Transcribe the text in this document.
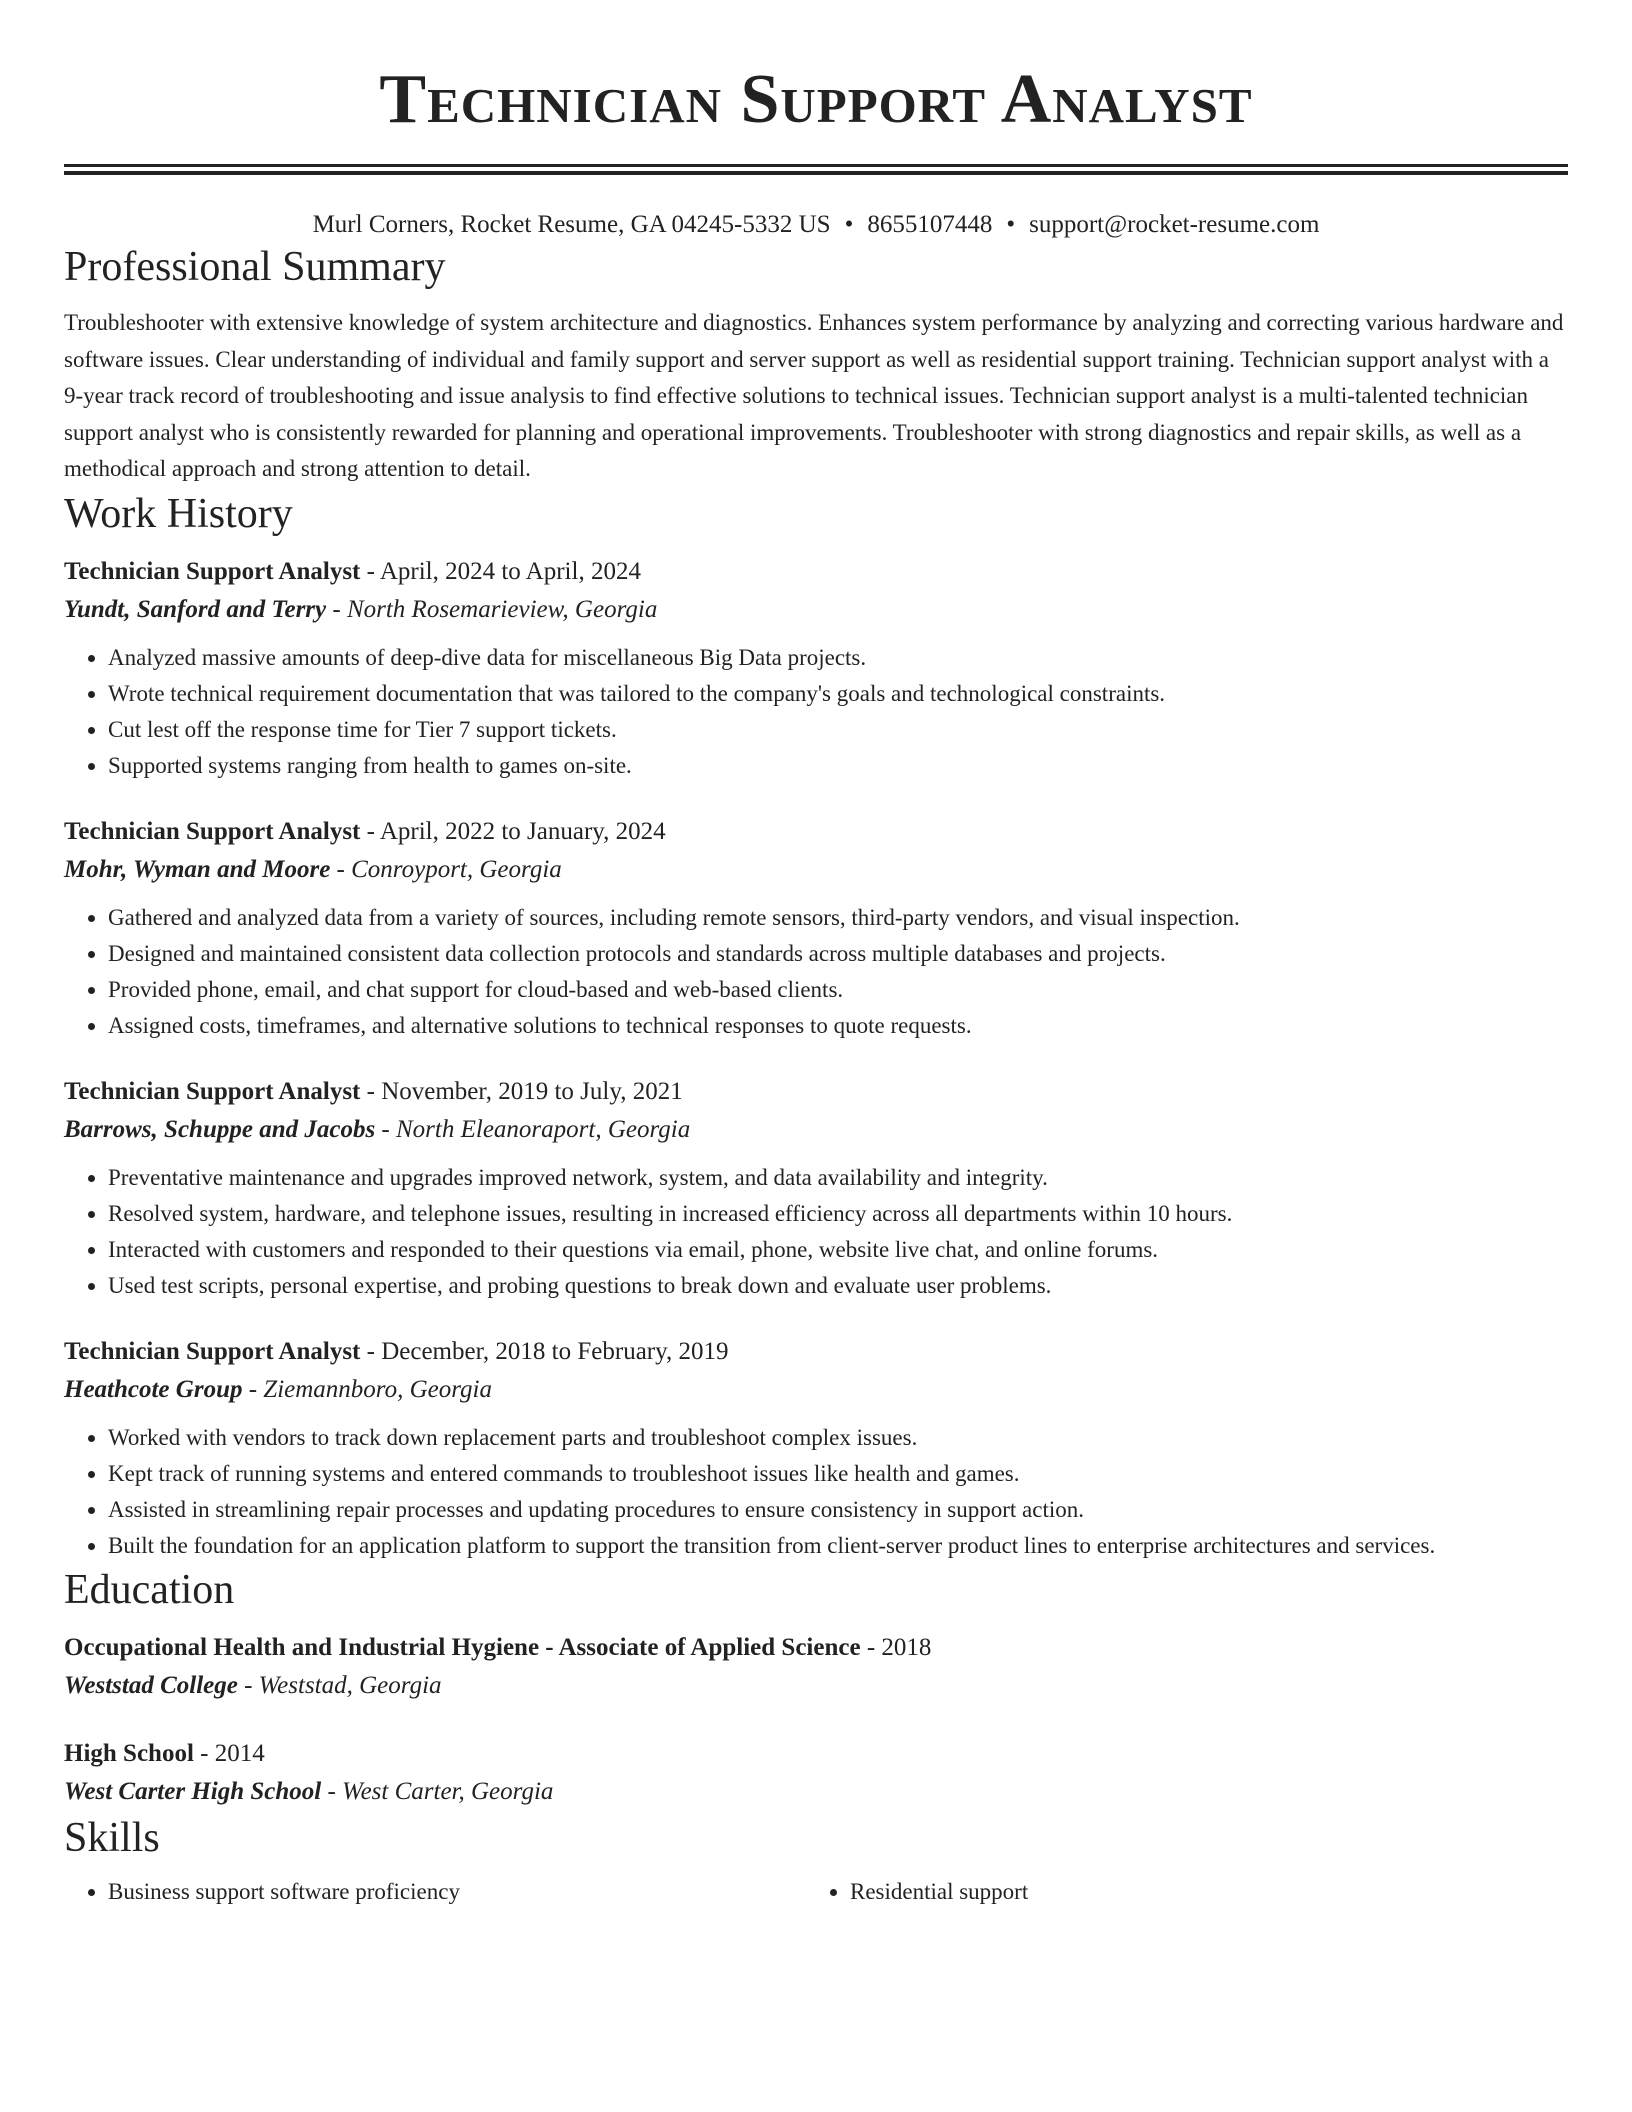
Technician Support Analyst
Murl Corners, Rocket Resume, GA 04245-5332 US • 8655107448 • support@rocket-resume.com
Professional Summary
Troubleshooter with extensive knowledge of system architecture and diagnostics. Enhances system performance by analyzing and correcting various hardware and software issues. Clear understanding of individual and family support and server support as well as residential support training. Technician support analyst with a 9-year track record of troubleshooting and issue analysis to find effective solutions to technical issues. Technician support analyst is a multi-talented technician support analyst who is consistently rewarded for planning and operational improvements. Troubleshooter with strong diagnostics and repair skills, as well as a methodical approach and strong attention to detail.
Work History
Technician Support Analyst - April, 2024 to April, 2024
Yundt, Sanford and Terry - North Rosemarieview, Georgia
• Analyzed massive amounts of deep-dive data for miscellaneous Big Data projects.
• Wrote technical requirement documentation that was tailored to the company's goals and technological constraints.
• Cut lest off the response time for Tier 7 support tickets.
• Supported systems ranging from health to games on-site.
Technician Support Analyst - April, 2022 to January, 2024
Mohr, Wyman and Moore - Conroyport, Georgia
• Gathered and analyzed data from a variety of sources, including remote sensors, third-party vendors, and visual inspection.
• Designed and maintained consistent data collection protocols and standards across multiple databases and projects.
• Provided phone, email, and chat support for cloud-based and web-based clients.
• Assigned costs, timeframes, and alternative solutions to technical responses to quote requests.
Technician Support Analyst - November, 2019 to July, 2021
Barrows, Schuppe and Jacobs - North Eleanoraport, Georgia
• Preventative maintenance and upgrades improved network, system, and data availability and integrity.
• Resolved system, hardware, and telephone issues, resulting in increased efficiency across all departments within 10 hours.
• Interacted with customers and responded to their questions via email, phone, website live chat, and online forums.
• Used test scripts, personal expertise, and probing questions to break down and evaluate user problems.
Technician Support Analyst - December, 2018 to February, 2019
Heathcote Group - Ziemannboro, Georgia
• Worked with vendors to track down replacement parts and troubleshoot complex issues.
• Kept track of running systems and entered commands to troubleshoot issues like health and games.
• Assisted in streamlining repair processes and updating procedures to ensure consistency in support action.
• Built the foundation for an application platform to support the transition from client-server product lines to enterprise architectures and services.
Education
Occupational Health and Industrial Hygiene - Associate of Applied Science - 2018
Weststad College - Weststad, Georgia
High School - 2014
West Carter High School - West Carter, Georgia
Skills
• Business support software proficiency
•	Residential support
